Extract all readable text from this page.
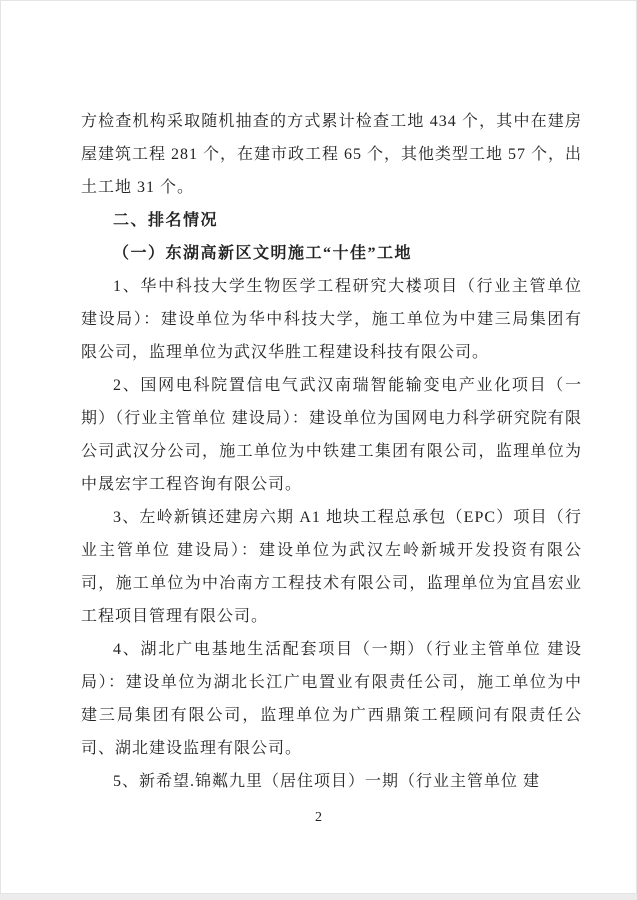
方检查机构采取随机抽查的方式累计检查工地 434 个，其中在建房屋建筑工程 281 个，在建市政工程 65 个，其他类型工地 57 个，出土工地 31 个。

二、排名情况

（一）东湖高新区文明施工“十佳”工地

1、华中科技大学生物医学工程研究大楼项目（行业主管单位 建设局）：建设单位为华中科技大学，施工单位为中建三局集团有限公司，监理单位为武汉华胜工程建设科技有限公司。

2、国网电科院置信电气武汉南瑞智能输变电产业化项目（一期）（行业主管单位 建设局）：建设单位为国网电力科学研究院有限公司武汉分公司，施工单位为中铁建工集团有限公司，监理单位为中晟宏宇工程咨询有限公司。

3、左岭新镇还建房六期 A1 地块工程总承包（EPC）项目（行业主管单位 建设局）：建设单位为武汉左岭新城开发投资有限公司，施工单位为中冶南方工程技术有限公司，监理单位为宜昌宏业工程项目管理有限公司。

4、湖北广电基地生活配套项目（一期）（行业主管单位 建设局）：建设单位为湖北长江广电置业有限责任公司，施工单位为中建三局集团有限公司，监理单位为广西鼎策工程顾问有限责任公司、湖北建设监理有限公司。

5、新希望.锦粼九里（居住项目）一期（行业主管单位 建

2
